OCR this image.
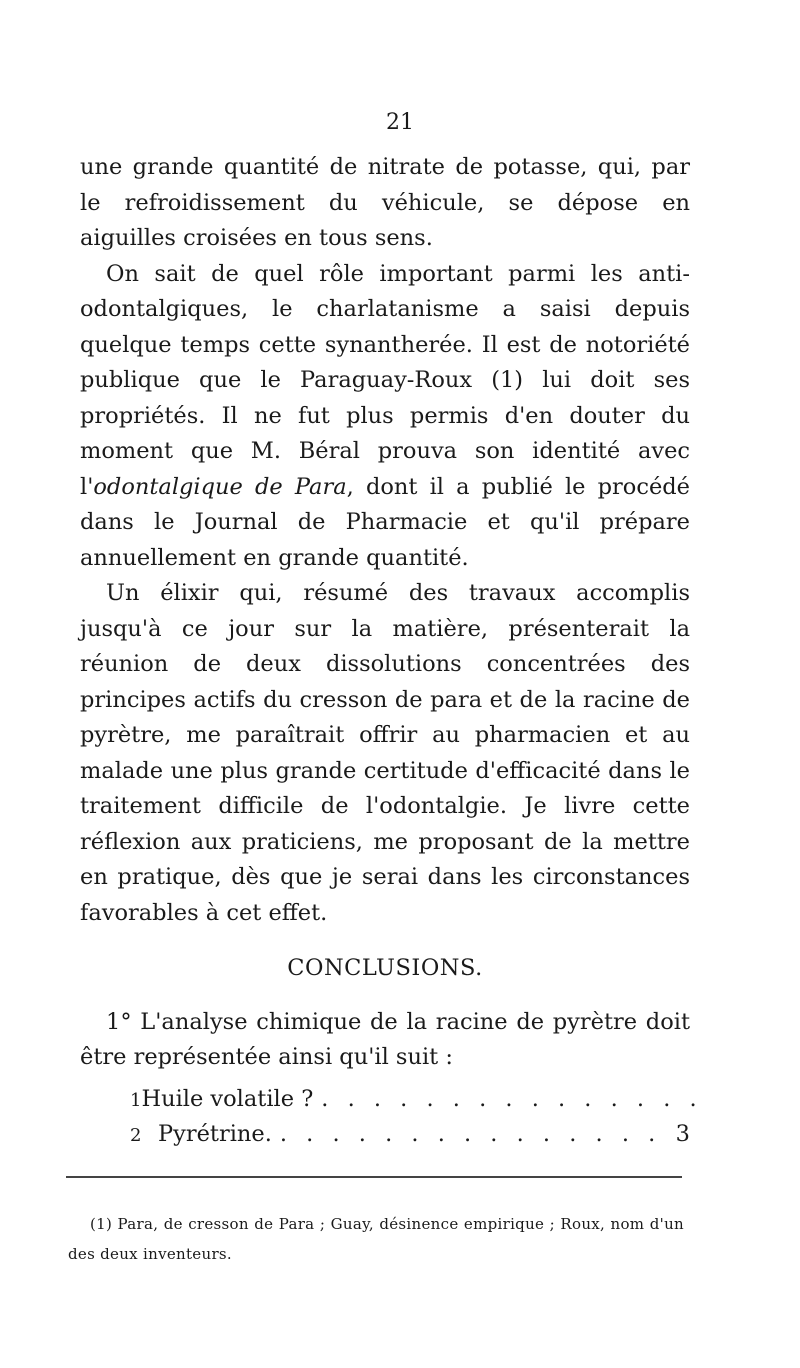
21

une grande quantité de nitrate de potasse, qui, par le refroidissement du véhicule, se dépose en aiguilles croisées en tous sens.

On sait de quel rôle important parmi les anti-odontalgiques, le charlatanisme a saisi depuis quelque temps cette synantherée. Il est de notoriété publique que le Paraguay-Roux (1) lui doit ses propriétés. Il ne fut plus permis d'en douter du moment que M. Béral prouva son identité avec l'odontalgique de Para, dont il a publié le procédé dans le Journal de Pharmacie et qu'il prépare annuellement en grande quantité.

Un élixir qui, résumé des travaux accomplis jusqu'à ce jour sur la matière, présenterait la réunion de deux dissolutions concentrées des principes actifs du cresson de para et de la racine de pyrètre, me paraîtrait offrir au pharmacien et au malade une plus grande certitude d'efficacité dans le traitement difficile de l'odontalgie. Je livre cette réflexion aux praticiens, me proposant de la mettre en pratique, dès que je serai dans les circonstances favorables à cet effet.

CONCLUSIONS.

1° L'analyse chimique de la racine de pyrètre doit être représentée ainsi qu'il suit :

1 Huile volatile ? . . . . . . . . . . . . . . .
2 Pyrétrine. . . . . . . . . . . . . . . . 3

(1) Para, de cresson de Para ; Guay, désinence empirique ; Roux, nom d'un des deux inventeurs.
